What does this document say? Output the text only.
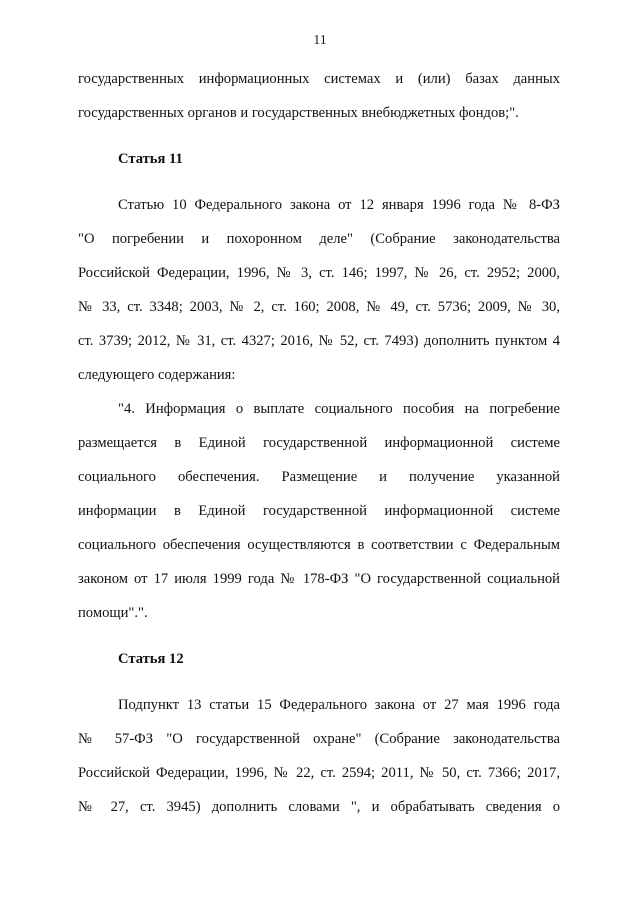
11
государственных информационных системах и (или) базах данных
государственных органов и государственных внебюджетных фондов;".
Статья 11
Статью 10 Федерального закона от 12 января 1996 года № 8-ФЗ
"О погребении и похоронном деле" (Собрание законодательства
Российской Федерации, 1996, № 3, ст. 146; 1997, № 26, ст. 2952; 2000,
№ 33, ст. 3348; 2003, № 2, ст. 160; 2008, № 49, ст. 5736; 2009, № 30,
ст. 3739; 2012, № 31, ст. 4327; 2016, № 52, ст. 7493) дополнить пунктом 4
следующего содержания:
"4. Информация о выплате социального пособия на погребение
размещается в Единой государственной информационной системе
социального обеспечения. Размещение и получение указанной
информации в Единой государственной информационной системе
социального обеспечения осуществляются в соответствии с Федеральным
законом от 17 июля 1999 года № 178-ФЗ "О государственной социальной
помощи".".
Статья 12
Подпункт 13 статьи 15 Федерального закона от 27 мая 1996 года
№ 57-ФЗ "О государственной охране" (Собрание законодательства
Российской Федерации, 1996, № 22, ст. 2594; 2011, № 50, ст. 7366; 2017,
№ 27, ст. 3945) дополнить словами ", и обрабатывать сведения о
